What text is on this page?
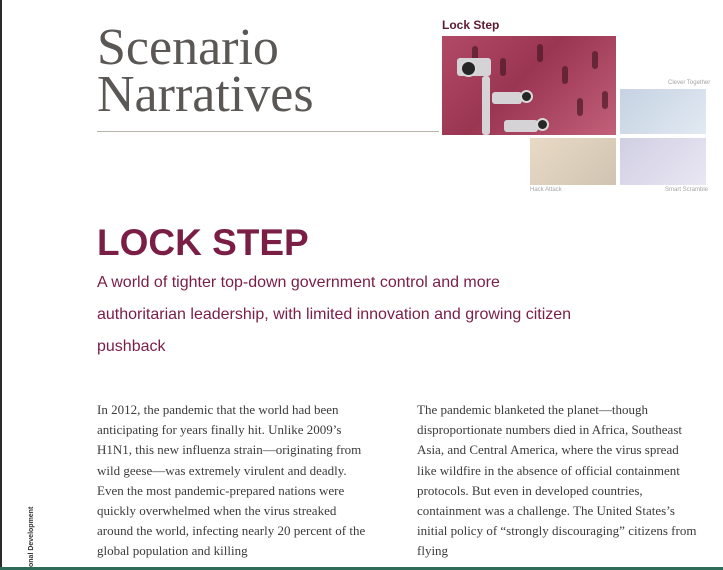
Scenario
Narratives
Lock Step
Clever Together
Hack Attack	Smart Scramble
LOCK STEP

A world of tighter top-down government control and more authoritarian leadership, with limited innovation and growing citizen pushback

In 2012, the pandemic that the world had been anticipating for years finally hit. Unlike 2009’s H1N1, this new influenza strain—originating from wild geese—was extremely virulent and deadly. Even the most pandemic-prepared nations were quickly overwhelmed when the virus streaked around the world, infecting nearly 20 percent of the global population and killing

The pandemic blanketed the planet—though disproportionate numbers died in Africa, Southeast Asia, and Central America, where the virus spread like wildfire in the absence of official containment protocols. But even in developed countries, containment was a challenge. The United States’s initial policy of “strongly discouraging” citizens from flying

onal Development
